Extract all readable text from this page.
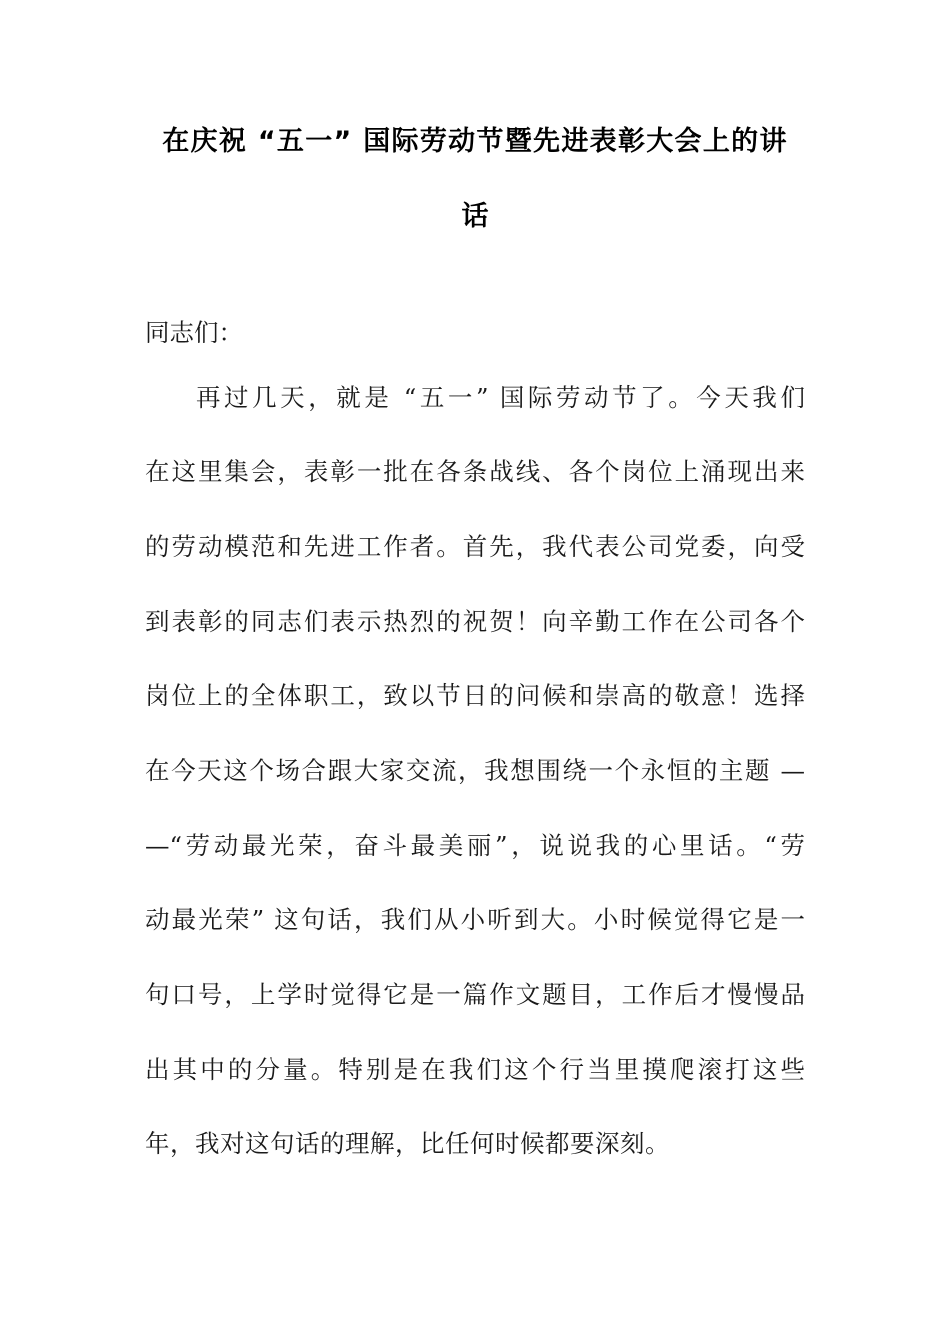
在庆祝 “五一” 国际劳动节暨先进表彰大会上的讲
话
同志们：
再过几天，就是 “五一” 国际劳动节了。今天我们
在这里集会，表彰一批在各条战线、各个岗位上涌现出来
的劳动模范和先进工作者。首先，我代表公司党委，向受
到表彰的同志们表示热烈的祝贺！向辛勤工作在公司各个
岗位上的全体职工，致以节日的问候和崇高的敬意！选择
在今天这个场合跟大家交流，我想围绕一个永恒的主题 —
—“劳动最光荣，奋斗最美丽”，说说我的心里话。“劳
动最光荣” 这句话，我们从小听到大。小时候觉得它是一
句口号，上学时觉得它是一篇作文题目，工作后才慢慢品
出其中的分量。特别是在我们这个行当里摸爬滚打这些
年，我对这句话的理解，比任何时候都要深刻。
